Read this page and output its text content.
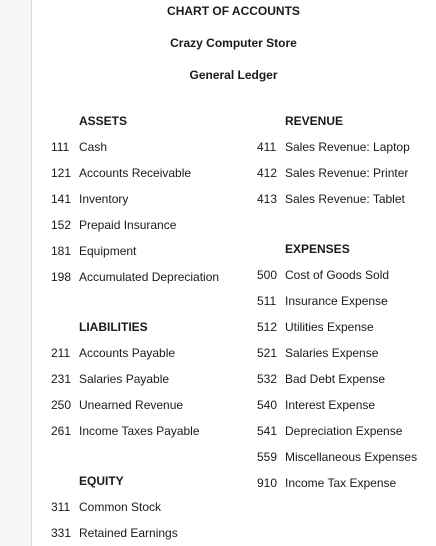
CHART OF ACCOUNTS
Crazy Computer Store
General Ledger
ASSETS
111 Cash
121 Accounts Receivable
141 Inventory
152 Prepaid Insurance
181 Equipment
198 Accumulated Depreciation
LIABILITIES
211 Accounts Payable
231 Salaries Payable
250 Unearned Revenue
261 Income Taxes Payable
EQUITY
311 Common Stock
331 Retained Earnings
REVENUE
411 Sales Revenue: Laptop
412 Sales Revenue: Printer
413 Sales Revenue: Tablet
EXPENSES
500 Cost of Goods Sold
511 Insurance Expense
512 Utilities Expense
521 Salaries Expense
532 Bad Debt Expense
540 Interest Expense
541 Depreciation Expense
559 Miscellaneous Expenses
910 Income Tax Expense
